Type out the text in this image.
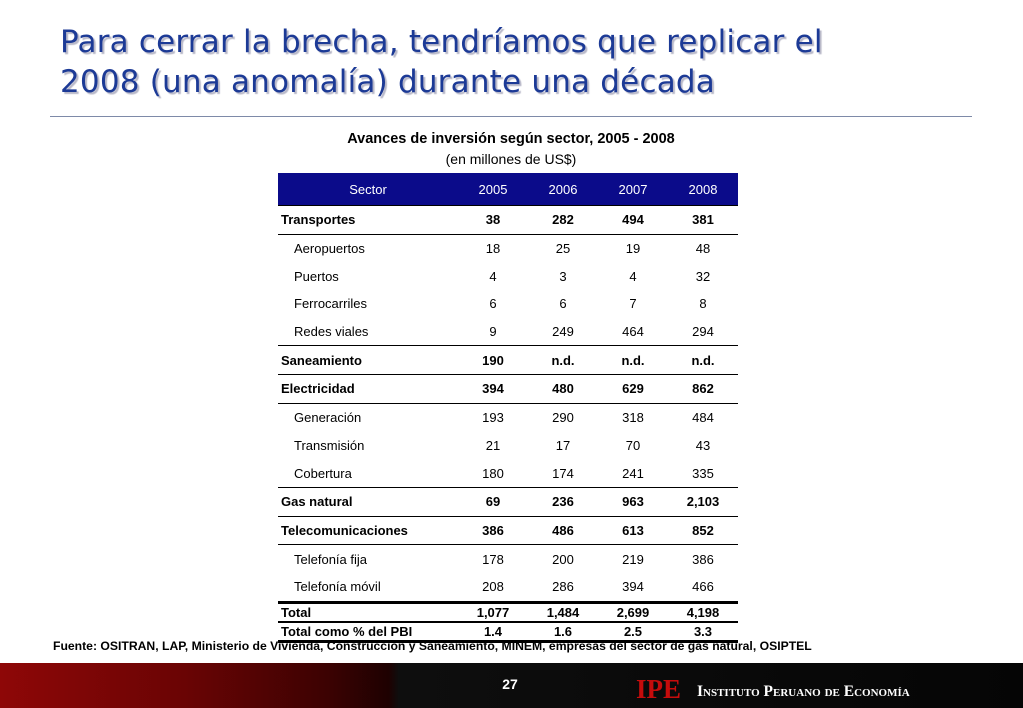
Para cerrar la brecha, tendríamos que replicar el
2008 (una anomalía) durante una década
Avances de inversión según sector, 2005 - 2008
(en millones de US$)
Sector	2005	2006	2007	2008
Transportes	38	282	494	381
Aeropuertos	18	25	19	48
Puertos	4	3	4	32
Ferrocarriles	6	6	7	8
Redes viales	9	249	464	294
Saneamiento	190	n.d.	n.d.	n.d.
Electricidad	394	480	629	862
Generación	193	290	318	484
Transmisión	21	17	70	43
Cobertura	180	174	241	335
Gas natural	69	236	963	2,103
Telecomunicaciones	386	486	613	852
Telefonía fija	178	200	219	386
Telefonía móvil	208	286	394	466
Total	1,077	1,484	2,699	4,198
Total como % del PBI	1.4	1.6	2.5	3.3
Fuente: OSITRAN, LAP, Ministerio de Vivienda, Construcción y Saneamiento, MINEM, empresas del sector de gas natural, OSIPTEL
27	IPE Instituto Peruano de Economía
